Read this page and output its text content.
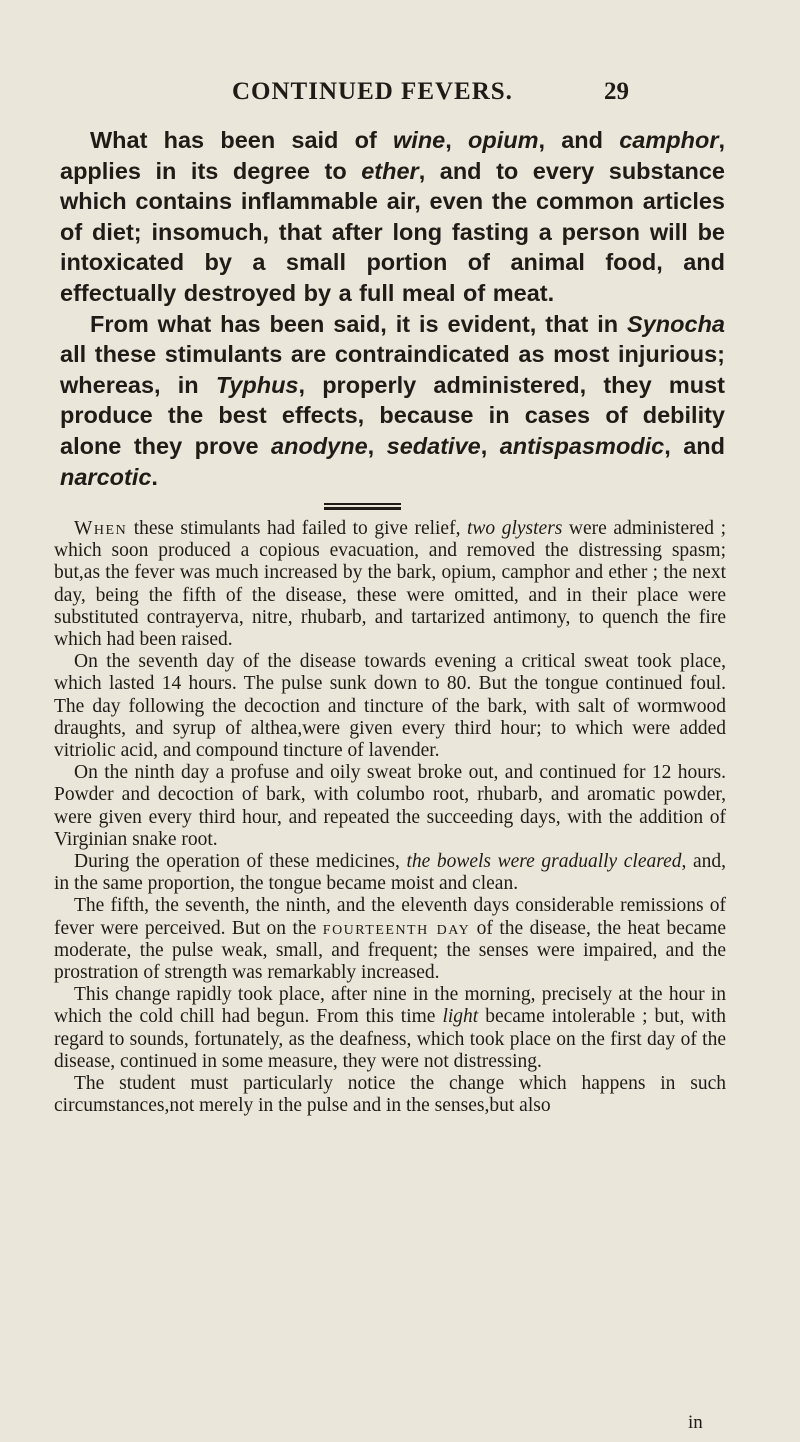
CONTINUED FEVERS.	29

What has been said of wine, opium, and camphor, applies in its degree to ether, and to every substance which contains inflammable air, even the common articles of diet; insomuch, that after long fasting a person will be intoxicated by a small portion of animal food, and effectually destroyed by a full meal of meat.

From what has been said, it is evident, that in Synocha all these stimulants are contraindicated as most injurious; whereas, in Typhus, properly administered, they must produce the best effects, because in cases of debility alone they prove anodyne, sedative, antispasmodic, and narcotic.

When these stimulants had failed to give relief, two glysters were administered ; which soon produced a copious evacuation, and removed the distressing spasm; but,as the fever was much increased by the bark, opium, camphor and ether ; the next day, being the fifth of the disease, these were omitted, and in their place were substituted contrayerva, nitre, rhubarb, and tartarized antimony, to quench the fire which had been raised.

On the seventh day of the disease towards evening a critical sweat took place, which lasted 14 hours. The pulse sunk down to 80. But the tongue continued foul. The day following the decoction and tincture of the bark, with salt of wormwood draughts, and syrup of althea,were given every third hour; to which were added vitriolic acid, and compound tincture of lavender.

On the ninth day a profuse and oily sweat broke out, and continued for 12 hours. Powder and decoction of bark, with columbo root, rhubarb, and aromatic powder, were given every third hour, and repeated the succeeding days, with the addition of Virginian snake root.

During the operation of these medicines, the bowels were gradually cleared, and, in the same proportion, the tongue became moist and clean.

The fifth, the seventh, the ninth, and the eleventh days considerable remissions of fever were perceived. But on the fourteenth day of the disease, the heat became moderate, the pulse weak, small, and frequent; the senses were impaired, and the prostration of strength was remarkably increased.

This change rapidly took place, after nine in the morning, precisely at the hour in which the cold chill had begun. From this time light became intolerable ; but, with regard to sounds, fortunately, as the deafness, which took place on the first day of the disease, continued in some measure, they were not distressing.

The student must particularly notice the change which happens in such circumstances,not merely in the pulse and in the senses,but also

in
